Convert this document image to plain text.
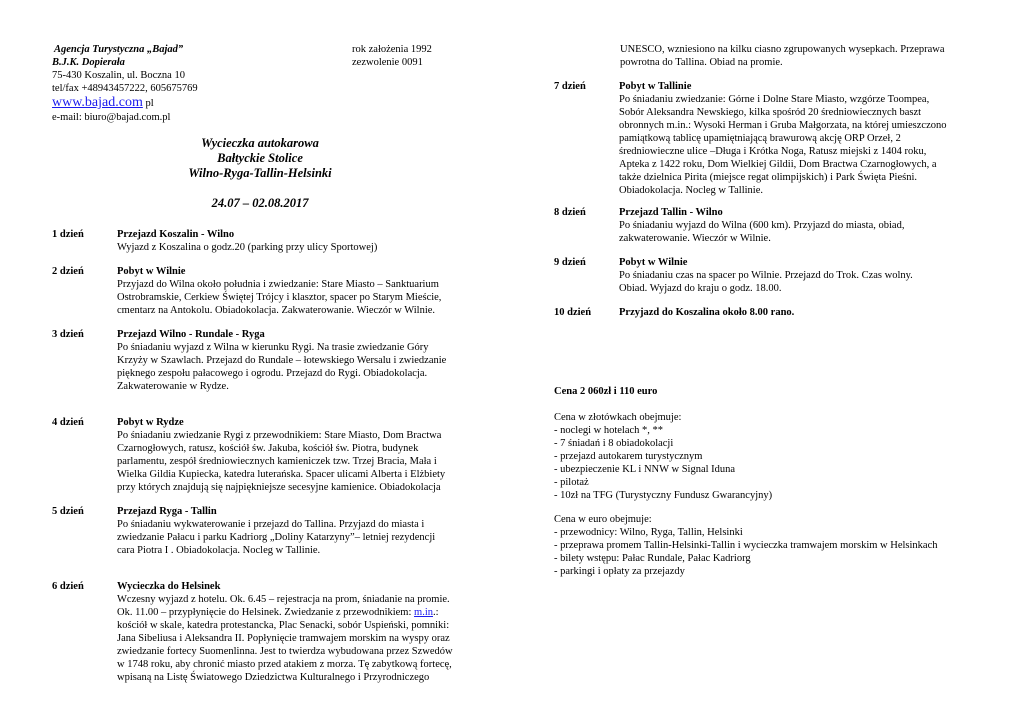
Agencja Turystyczna „Bajad”
B.J.K. Dopierała
75-430 Koszalin, ul. Boczna 10
tel/fax +48943457222, 605675769
www.bajad.com pl
e-mail: biuro@bajad.com.pl
rok założenia 1992
zezwolenie 0091
Wycieczka autokarowa
Bałtyckie Stolice
Wilno-Ryga-Tallin-Helsinki
24.07 – 02.08.2017
1 dzień	Przejazd Koszalin - Wilno
Wyjazd z Koszalina o godz.20 (parking przy ulicy Sportowej)
2 dzień	Pobyt w Wilnie
Przyjazd do Wilna około południa i zwiedzanie: Stare Miasto – Sanktuarium
Ostrobramskie, Cerkiew Świętej Trójcy i klasztor, spacer po Starym Mieście,
cmentarz na Antokolu. Obiadokolacja. Zakwaterowanie. Wieczór w Wilnie.
3 dzień	Przejazd Wilno - Rundale - Ryga
Po śniadaniu wyjazd z Wilna w kierunku Rygi. Na trasie zwiedzanie Góry
Krzyży w Szawlach. Przejazd do Rundale – łotewskiego Wersalu i zwiedzanie
pięknego zespołu pałacowego i ogrodu. Przejazd do Rygi. Obiadokolacja.
Zakwaterowanie w Rydze.
4 dzień	Pobyt w Rydze
Po śniadaniu zwiedzanie Rygi z przewodnikiem: Stare Miasto, Dom Bractwa
Czarnogłowych, ratusz, kościół św. Jakuba, kościół św. Piotra, budynek
parlamentu, zespół średniowiecznych kamieniczek tzw. Trzej Bracia, Mała i
Wielka Gildia Kupiecka, katedra luterańska. Spacer ulicami Alberta i Elżbiety
przy których znajdują się najpiękniejsze secesyjne kamienice. Obiadokolacja
5 dzień	Przejazd Ryga - Tallin
Po śniadaniu wykwaterowanie i przejazd do Tallina. Przyjazd do miasta i
zwiedzanie Pałacu i parku Kadriorg „Doliny Katarzyny”– letniej rezydencji
cara Piotra I . Obiadokolacja. Nocleg w Tallinie.
6 dzień	Wycieczka do Helsinek
Wczesny wyjazd z hotelu. Ok. 6.45 – rejestracja na prom, śniadanie na promie.
Ok. 11.00 – przypłynięcie do Helsinek. Zwiedzanie z przewodnikiem: m.in.:
kościół w skale, katedra protestancka, Plac Senacki, sobór Uspieński, pomniki:
Jana Sibeliusa i Aleksandra II. Popłynięcie tramwajem morskim na wyspy oraz
zwiedzanie fortecy Suomenlinna. Jest to twierdza wybudowana przez Szwedów
w 1748 roku, aby chronić miasto przed atakiem z morza. Tę zabytkową fortecę,
wpisaną na Listę Światowego Dziedzictwa Kulturalnego i Przyrodniczego
UNESCO, wzniesiono na kilku ciasno zgrupowanych wysepkach. Przeprawa
powrotna do Tallina. Obiad na promie.
7 dzień	Pobyt w Tallinie
Po śniadaniu zwiedzanie: Górne i Dolne Stare Miasto, wzgórze Toompea,
Sobór Aleksandra Newskiego, kilka spośród 20 średniowiecznych baszt
obronnych m.in.: Wysoki Herman i Gruba Małgorzata, na której umieszczono
pamiątkową tablicę upamiętniającą brawurową akcję ORP Orzeł, 2
średniowieczne ulice –Długa i Krótka Noga, Ratusz miejski z 1404 roku,
Apteka z 1422 roku, Dom Wielkiej Gildii, Dom Bractwa Czarnogłowych, a
także dzielnica Pirita (miejsce regat olimpijskich) i Park Święta Pieśni.
Obiadokolacja. Nocleg w Tallinie.
8 dzień	Przejazd Tallin - Wilno
Po śniadaniu wyjazd do Wilna (600 km). Przyjazd do miasta, obiad,
zakwaterowanie. Wieczór w Wilnie.
9 dzień	Pobyt w Wilnie
Po śniadaniu czas na spacer po Wilnie. Przejazd do Trok. Czas wolny.
Obiad. Wyjazd do kraju o godz. 18.00.
10 dzień	Przyjazd do Koszalina około 8.00 rano.
Cena 2 060zł i 110 euro
Cena w złotówkach obejmuje:
- noclegi w hotelach *, **
- 7 śniadań i 8 obiadokolacji
- przejazd autokarem turystycznym
- ubezpieczenie KL i NNW w Signal Iduna
- pilotaż
- 10zł na TFG (Turystyczny Fundusz Gwarancyjny)
Cena w euro obejmuje:
- przewodnicy: Wilno, Ryga, Tallin, Helsinki
- przeprawa promem Tallin-Helsinki-Tallin i wycieczka tramwajem morskim w Helsinkach
- bilety wstępu: Pałac Rundale, Pałac Kadriorg
- parkingi i opłaty za przejazdy
